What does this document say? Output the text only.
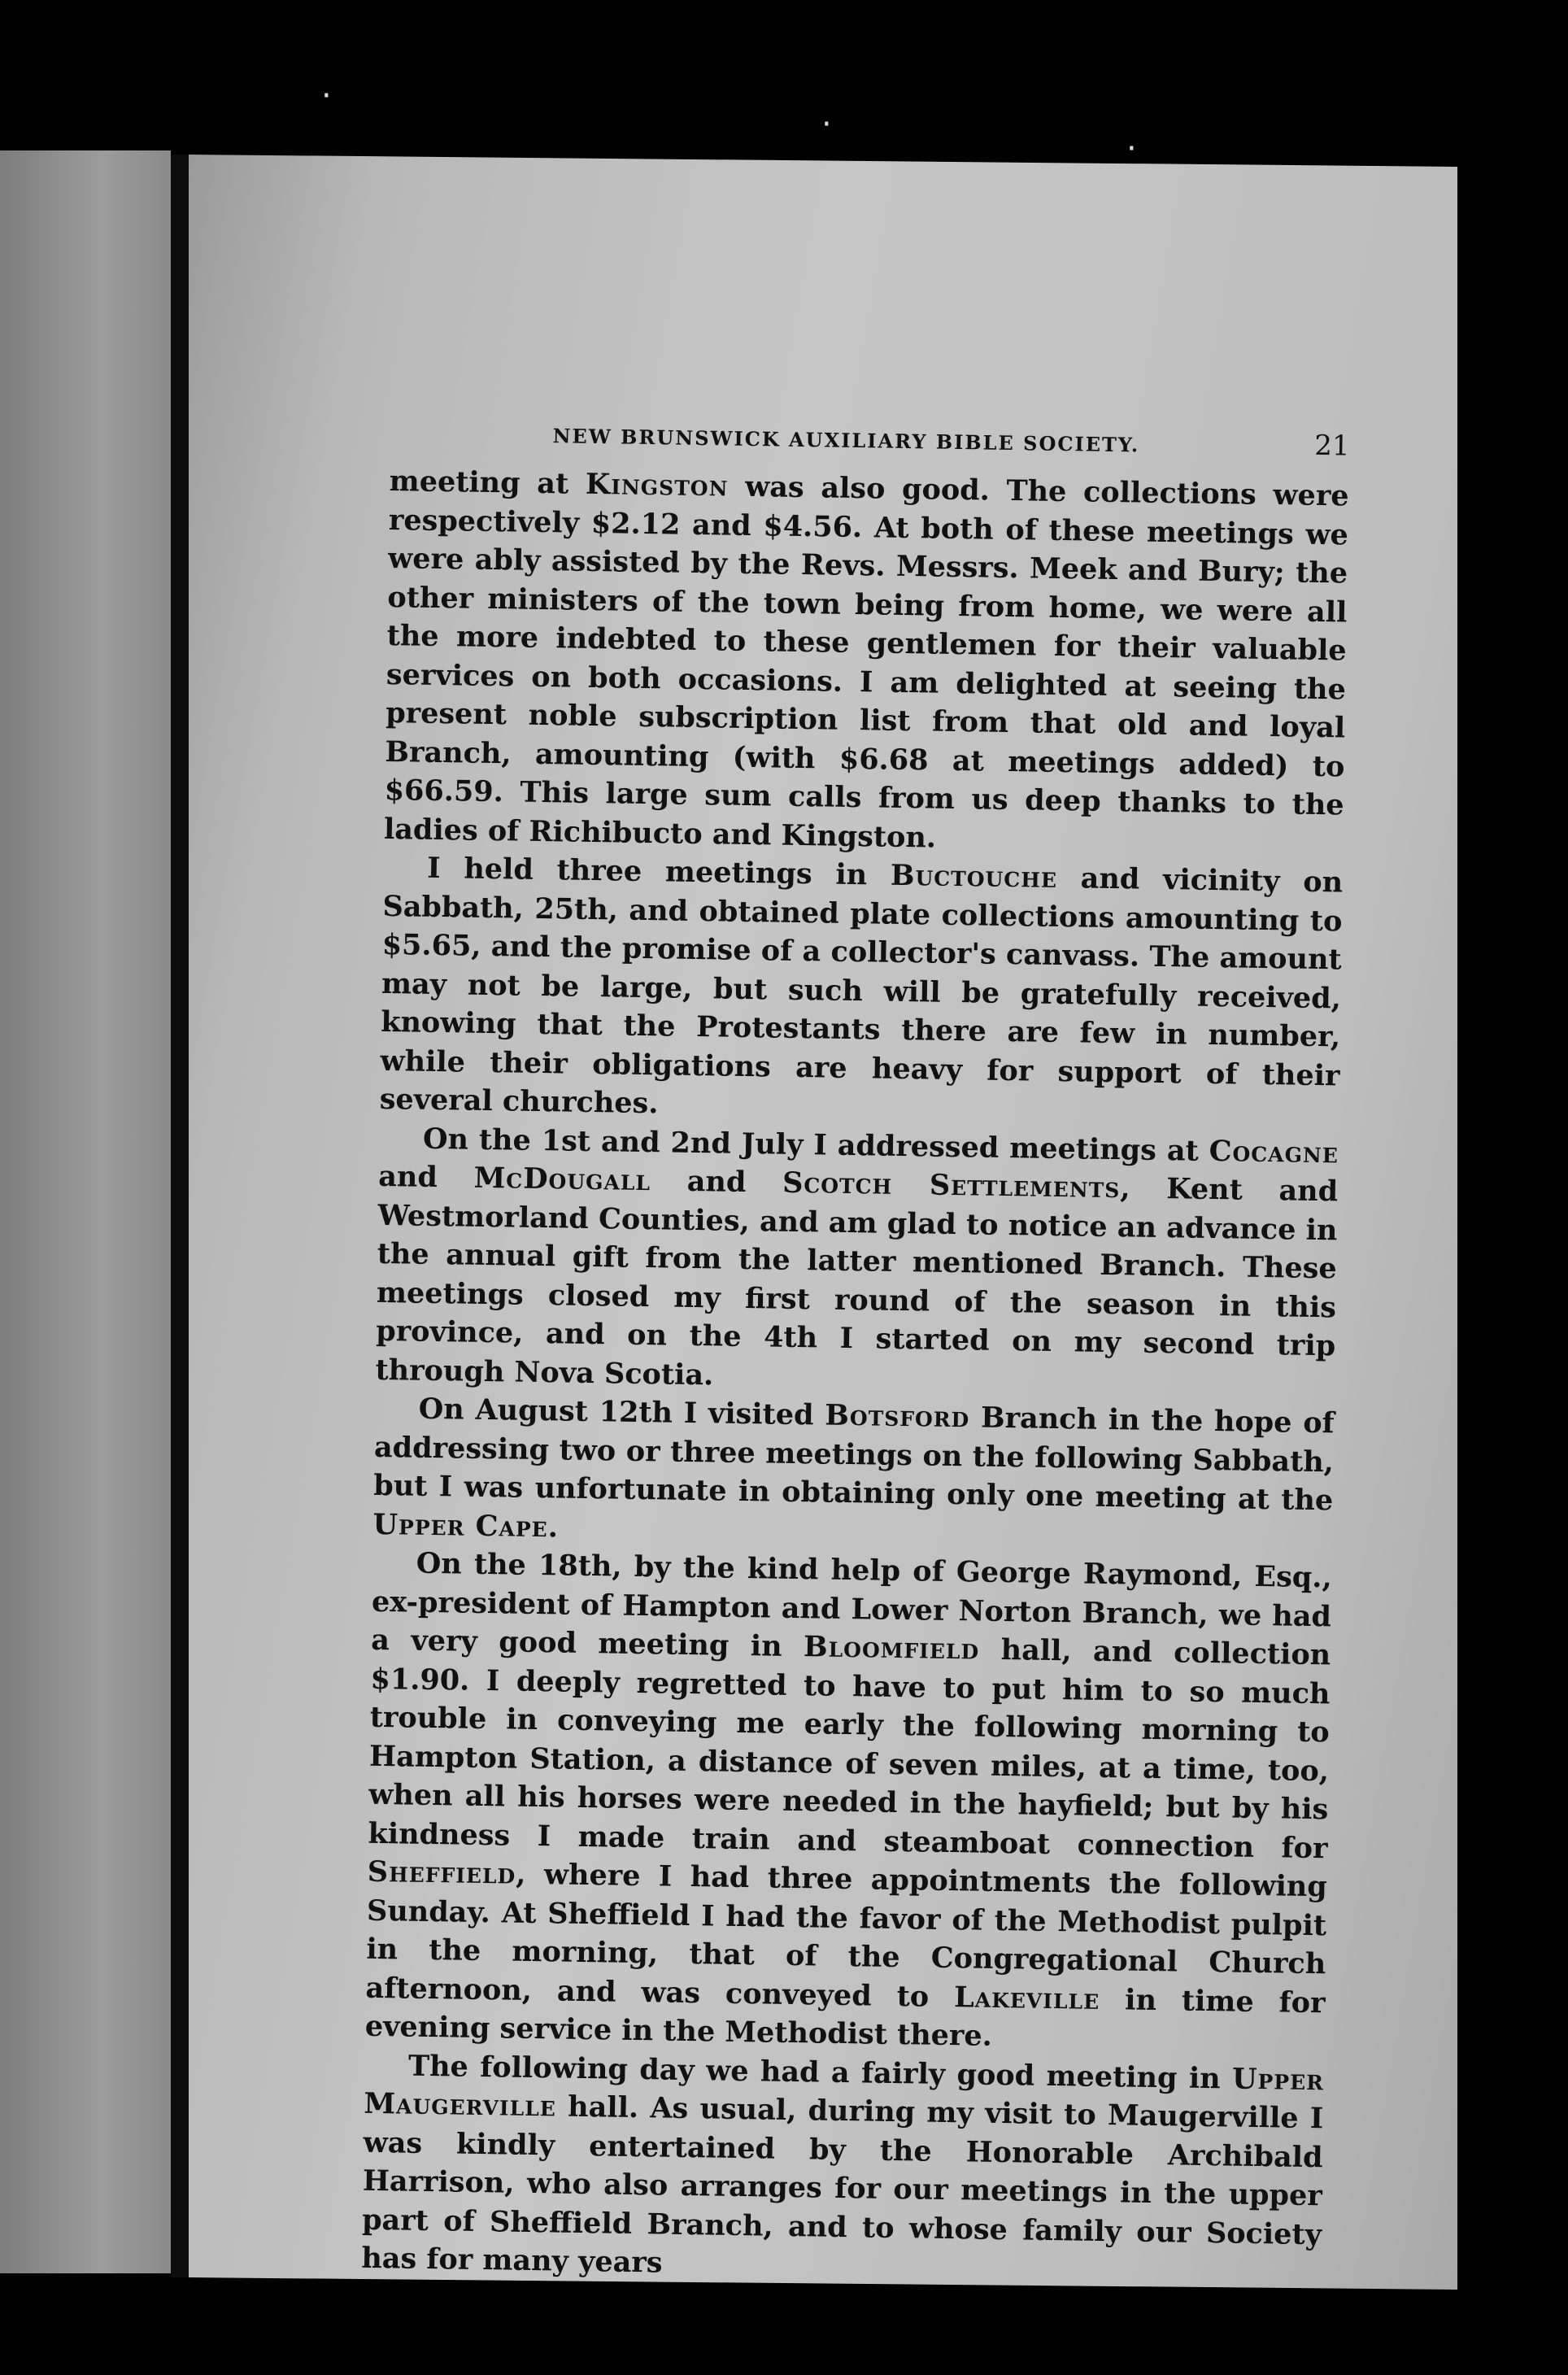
·
·
·
NEW BRUNSWICK AUXILIARY BIBLE SOCIETY.	21

meeting at Kingston was also good. The collections were respectively $2.12 and $4.56. At both of these meetings we were ably assisted by the Revs. Messrs. Meek and Bury; the other ministers of the town being from home, we were all the more indebted to these gentlemen for their valuable services on both occasions. I am delighted at seeing the present noble subscription list from that old and loyal Branch, amounting (with $6.68 at meetings added) to $66.59. This large sum calls from us deep thanks to the ladies of Richibucto and Kingston.

I held three meetings in Buctouche and vicinity on Sabbath, 25th, and obtained plate collections amounting to $5.65, and the promise of a collector's canvass. The amount may not be large, but such will be gratefully received, knowing that the Protestants there are few in number, while their obligations are heavy for support of their several churches.

On the 1st and 2nd July I addressed meetings at Cocagne and McDougall and Scotch Settlements, Kent and Westmorland Counties, and am glad to notice an advance in the annual gift from the latter mentioned Branch. These meetings closed my first round of the season in this province, and on the 4th I started on my second trip through Nova Scotia.

On August 12th I visited Botsford Branch in the hope of addressing two or three meetings on the following Sabbath, but I was unfortunate in obtaining only one meeting at the Upper Cape.

On the 18th, by the kind help of George Raymond, Esq., ex-president of Hampton and Lower Norton Branch, we had a very good meeting in Bloomfield hall, and collection $1.90. I deeply regretted to have to put him to so much trouble in conveying me early the following morning to Hampton Station, a distance of seven miles, at a time, too, when all his horses were needed in the hayfield; but by his kindness I made train and steamboat connection for Sheffield, where I had three appointments the following Sunday. At Sheffield I had the favor of the Methodist pulpit in the morning, that of the Congregational Church afternoon, and was conveyed to Lakeville in time for evening service in the Methodist there.

The following day we had a fairly good meeting in Upper Maugerville hall. As usual, during my visit to Maugerville I was kindly entertained by the Honorable Archibald Harrison, who also arranges for our meetings in the upper part of Sheffield Branch, and to whose family our Society has for many years
